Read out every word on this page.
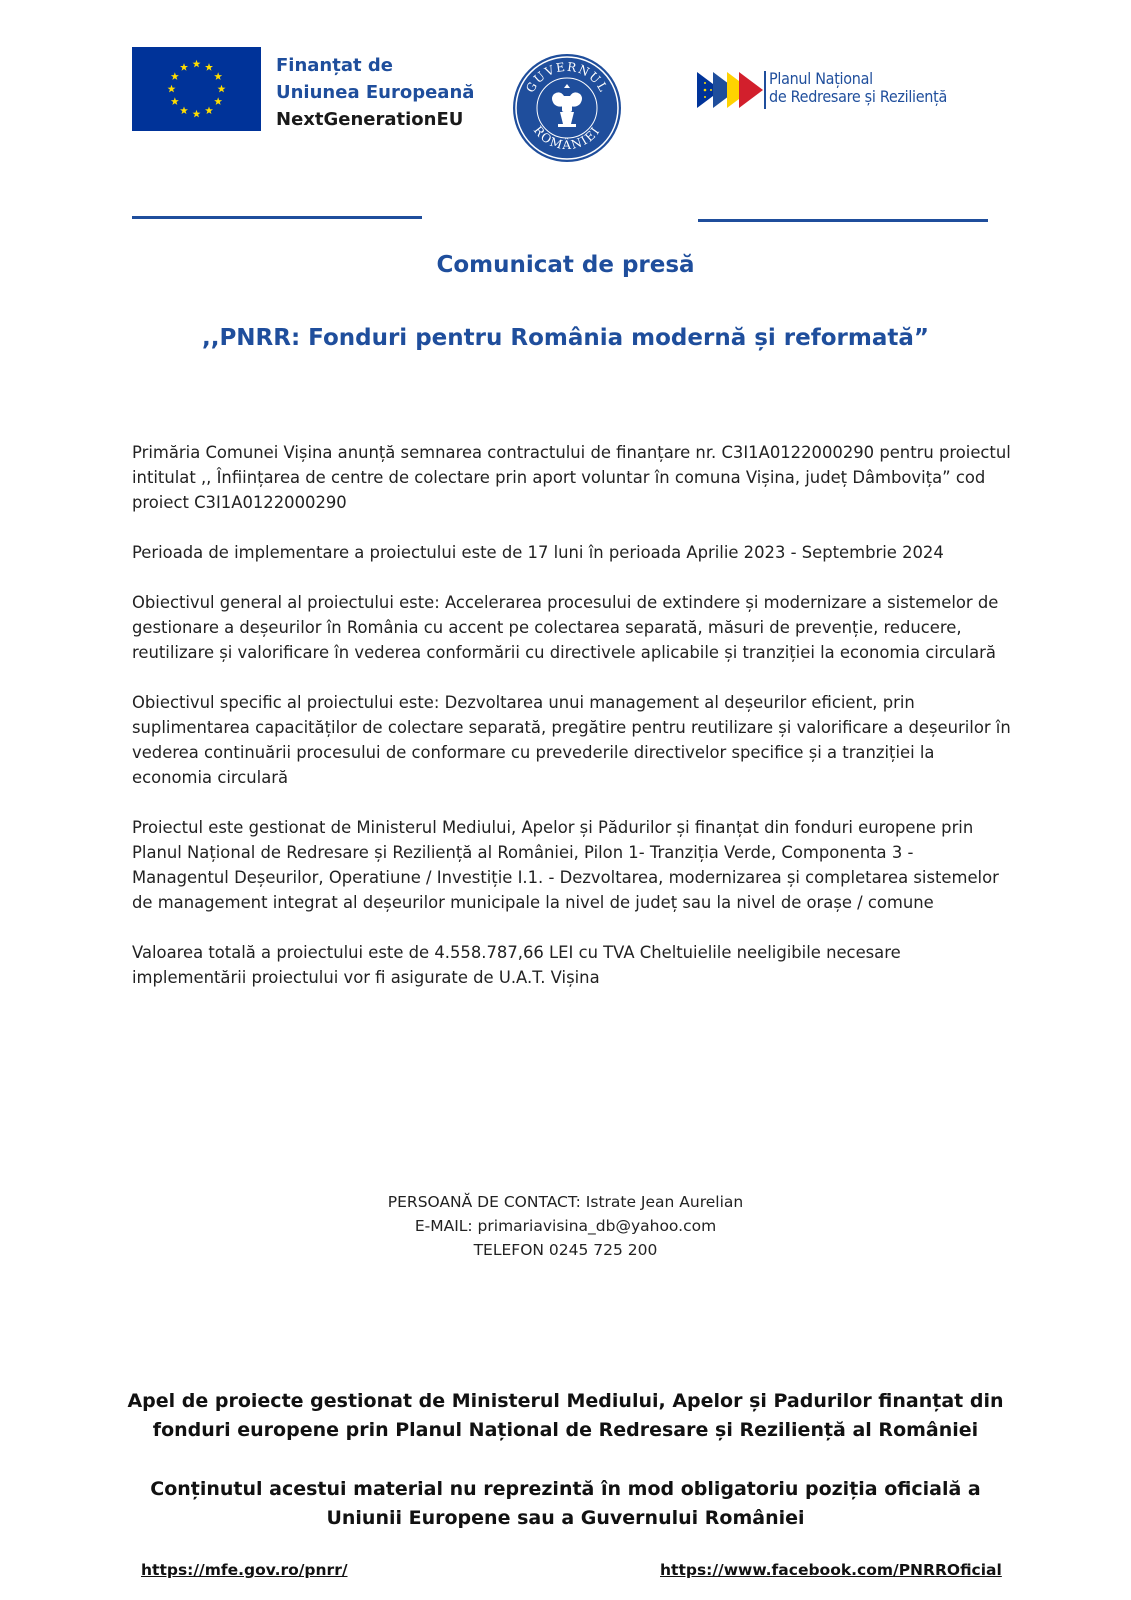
Finanțat de
Uniunea Europeană
NextGenerationEU
GUVERNUL
ROMÂNIEI
Planul Național
de Redresare și Reziliență
Comunicat de presă
,,PNRR: Fonduri pentru România modernă și reformată”

Primăria Comunei Vișina anunță semnarea contractului de finanțare nr. C3I1A0122000290 pentru proiectul intitulat ,, Înființarea de centre de colectare prin aport voluntar în comuna Vișina, județ Dâmbovița” cod proiect C3I1A0122000290

Perioada de implementare a proiectului este de 17 luni în perioada Aprilie 2023 - Septembrie 2024

Obiectivul general al proiectului este: Accelerarea procesului de extindere și modernizare a sistemelor de gestionare a deșeurilor în România cu accent pe colectarea separată, măsuri de prevenție, reducere, reutilizare și valorificare în vederea conformării cu directivele aplicabile și tranziției la economia circulară

Obiectivul specific al proiectului este: Dezvoltarea unui management al deșeurilor eficient, prin suplimentarea capacităților de colectare separată, pregătire pentru reutilizare și valorificare a deșeurilor în vederea continuării procesului de conformare cu prevederile directivelor specifice și a tranziției la economia circulară

Proiectul este gestionat de Ministerul Mediului, Apelor și Pădurilor și finanțat din fonduri europene prin Planul Național de Redresare și Reziliență al României, Pilon 1- Tranziția Verde, Componenta 3 - Managentul Deșeurilor, Operatiune / Investiție I.1. - Dezvoltarea, modernizarea și completarea sistemelor de management integrat al deșeurilor municipale la nivel de județ sau la nivel de orașe / comune

Valoarea totală a proiectului este de 4.558.787,66 LEI cu TVA Cheltuielile neeligibile necesare implementării proiectului vor fi asigurate de U.A.T. Vișina

PERSOANĂ DE CONTACT: Istrate Jean Aurelian
E-MAIL: primariavisina_db@yahoo.com
TELEFON 0245 725 200
Apel de proiecte gestionat de Ministerul Mediului, Apelor și Padurilor finanțat din fonduri europene prin Planul Național de Redresare și Reziliență al României
Conținutul acestui material nu reprezintă în mod obligatoriu poziția oficială a Uniunii Europene sau a Guvernului României
https://mfe.gov.ro/pnrr/	https://www.facebook.com/PNRROficial
